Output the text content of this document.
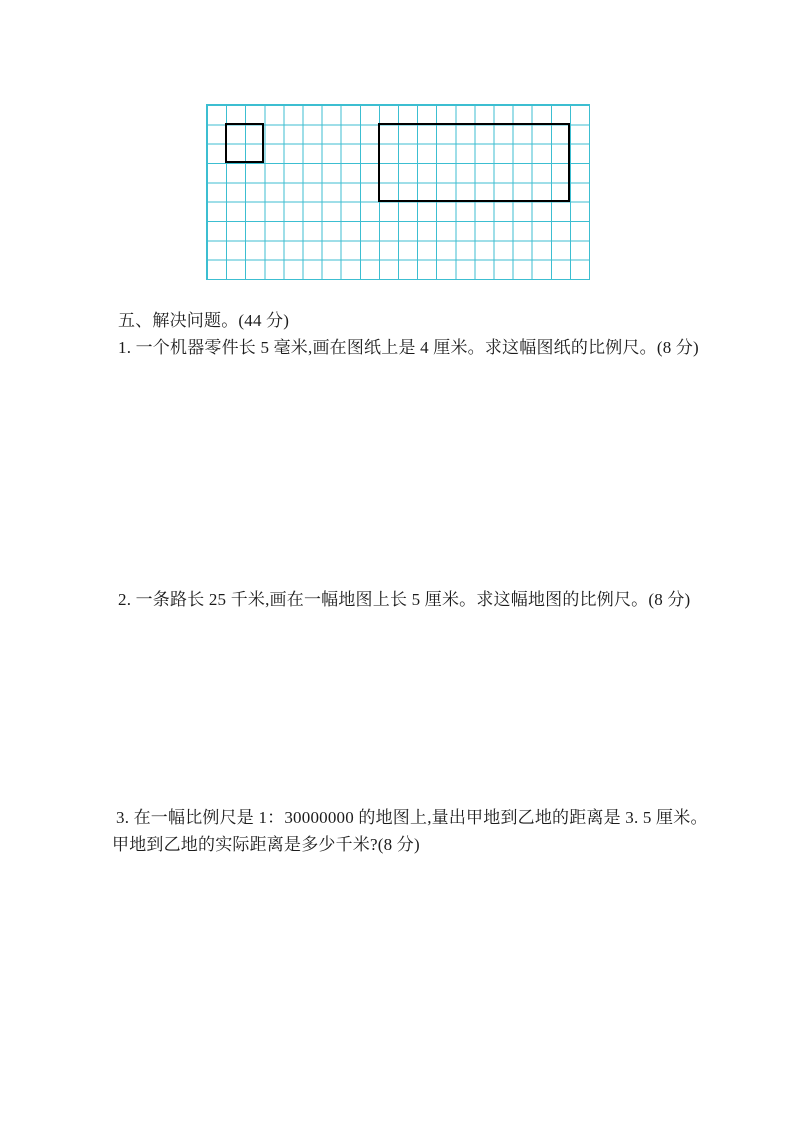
五、解决问题。(44 分)

1. 一个机器零件长 5 毫米,画在图纸上是 4 厘米。求这幅图纸的比例尺。(8 分)

2. 一条路长 25 千米,画在一幅地图上长 5 厘米。求这幅地图的比例尺。(8 分)

3. 在一幅比例尺是 1：30000000 的地图上,量出甲地到乙地的距离是 3. 5 厘米。

甲地到乙地的实际距离是多少千米?(8 分)
